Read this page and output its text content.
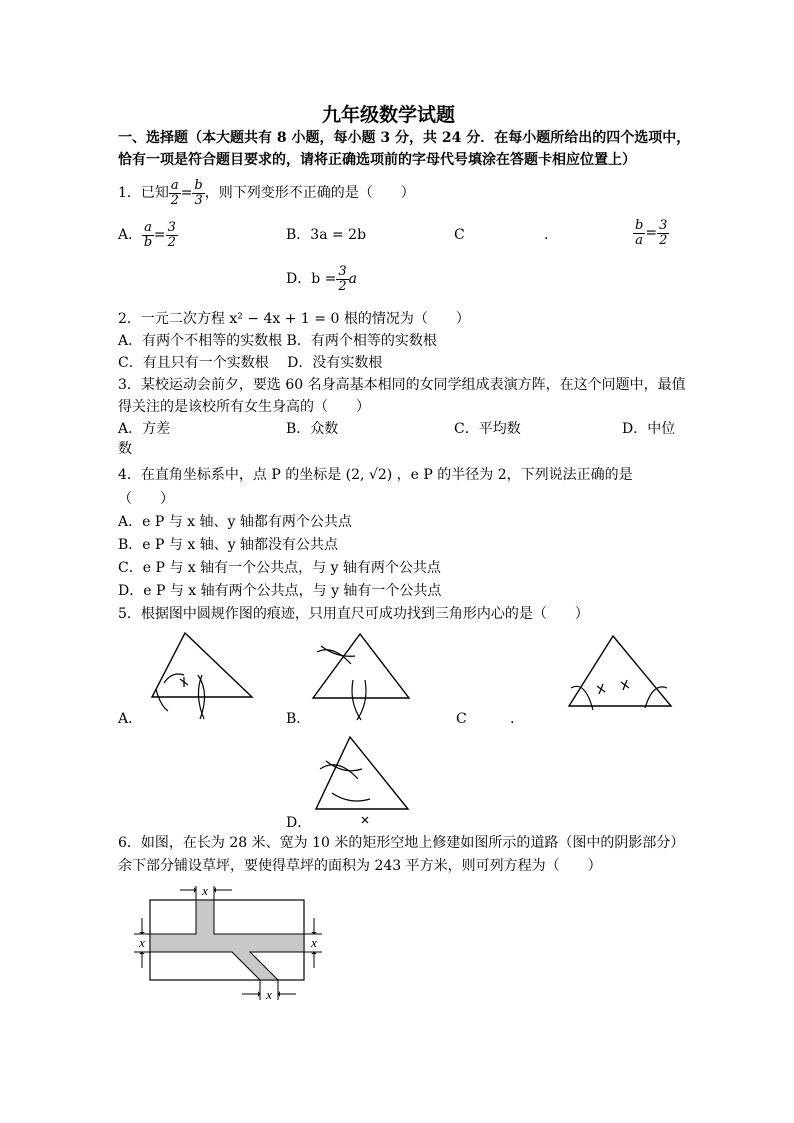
九年级数学试题
一、选择题（本大题共有 8 小题，每小题 3 分，共 24 分．在每小题所给出的四个选项中，
恰有一项是符合题目要求的，请将正确选项前的字母代号填涂在答题卡相应位置上）
1．已知 $\frac{a}{2} = \frac{b}{3}$ ，则下列变形不正确的是（　　）
A． $\frac{a}{b} = \frac{3}{2}$	B．3a = 2b	C	.	$\frac{b}{a} = \frac{3}{2}$
D．$b = \frac{3}{2}$ a
2．一元二次方程 x² − 4x + 1 = 0 根的情况为（　　）
A．有两个不相等的实数根 B．有两个相等的实数根
C．有且只有一个实数根　 D．没有实数根
3．某校运动会前夕，要选 60 名身高基本相同的女同学组成表演方阵，在这个问题中，最值
得关注的是该校所有女生身高的（　　）
A．方差	B．众数	C．平均数	D．中位
数
4．在直角坐标系中，点 P 的坐标是 (2, √2) ，e P 的半径为 2，下列说法正确的是
（　　）
A．e P 与 x 轴、y 轴都有两个公共点
B．e P 与 x 轴、y 轴都没有公共点
C．e P 与 x 轴有一个公共点，与 y 轴有两个公共点
D．e P 与 x 轴有两个公共点，与 y 轴有一个公共点
5．根据图中圆规作图的痕迹，只用直尺可成功找到三角形内心的是（　　）
A．	B．	C	.
D．
6．如图，在长为 28 米、宽为 10 米的矩形空地上修建如图所示的道路（图中的阴影部分）
余下部分铺设草坪，要使得草坪的面积为 243 平方米，则可列方程为（　　）
x
x	x
x
